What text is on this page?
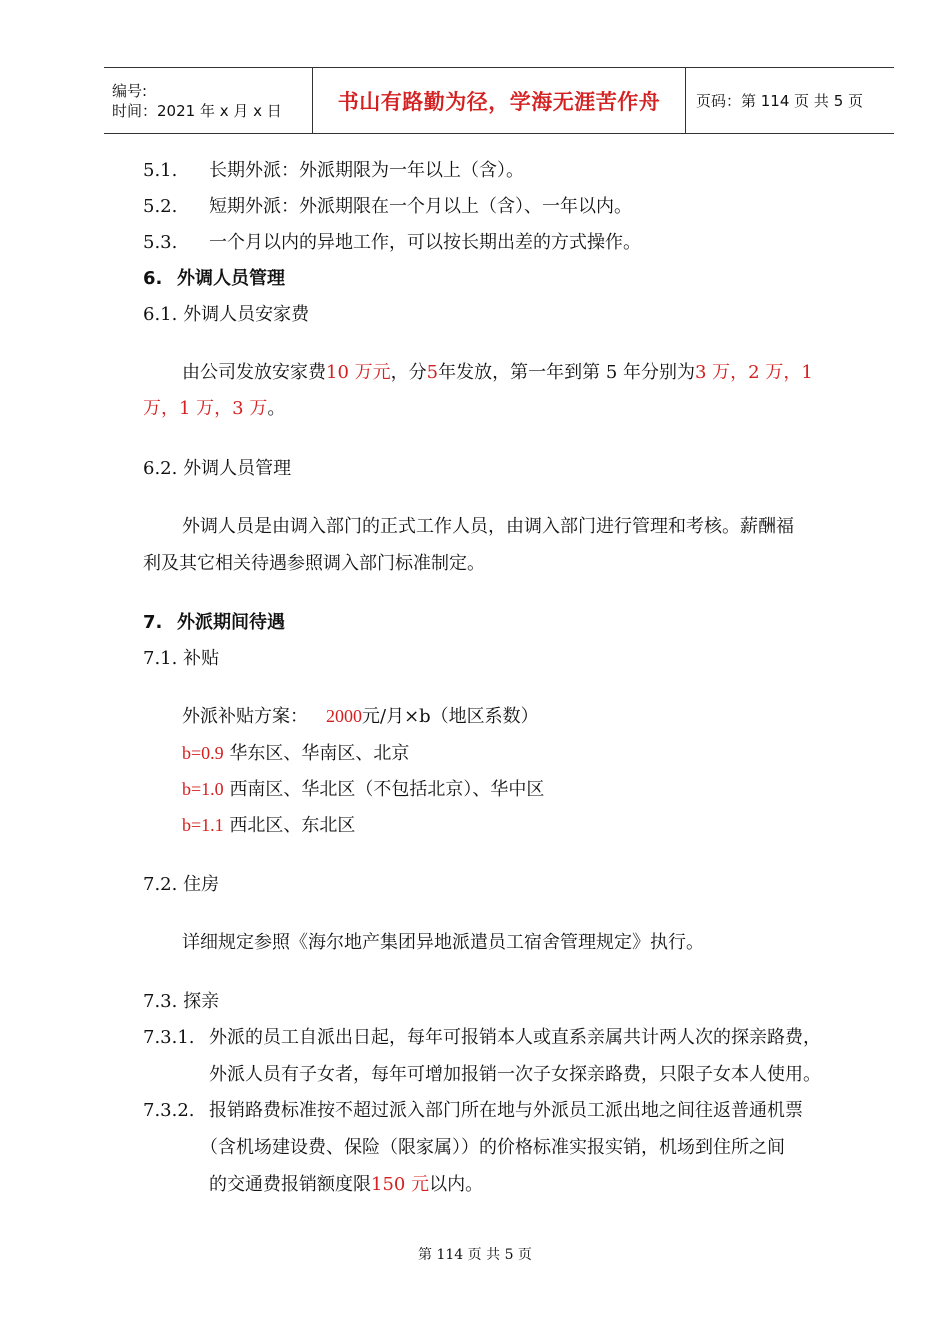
编号:
时间：2021 年 x 月 x 日	书山有路勤为径，学海无涯苦作舟	页码：第 114 页 共 5 页
5.1. 长期外派：外派期限为一年以上（含）。
5.2. 短期外派：外派期限在一个月以上（含）、一年以内。
5.3. 一个月以内的异地工作，可以按长期出差的方式操作。
6. 外调人员管理
6.1. 外调人员安家费
由公司发放安家费10 万元，分5年发放，第一年到第 5 年分别为3 万，2 万，1
万，1 万，3 万。
6.2. 外调人员管理
外调人员是由调入部门的正式工作人员，由调入部门进行管理和考核。薪酬福
利及其它相关待遇参照调入部门标准制定。
7. 外派期间待遇
7.1. 补贴
外派补贴方案： 2000元/月×b（地区系数）
b=0.9 华东区、华南区、北京
b=1.0 西南区、华北区（不包括北京）、华中区
b=1.1 西北区、东北区
7.2. 住房
详细规定参照《海尔地产集团异地派遣员工宿舍管理规定》执行。
7.3. 探亲
7.3.1. 外派的员工自派出日起，每年可报销本人或直系亲属共计两人次的探亲路费，
外派人员有子女者，每年可增加报销一次子女探亲路费，只限子女本人使用。
7.3.2. 报销路费标准按不超过派入部门所在地与外派员工派出地之间往返普通机票
（含机场建设费、保险（限家属））的价格标准实报实销，机场到住所之间
的交通费报销额度限150 元以内。
第 114 页 共 5 页
